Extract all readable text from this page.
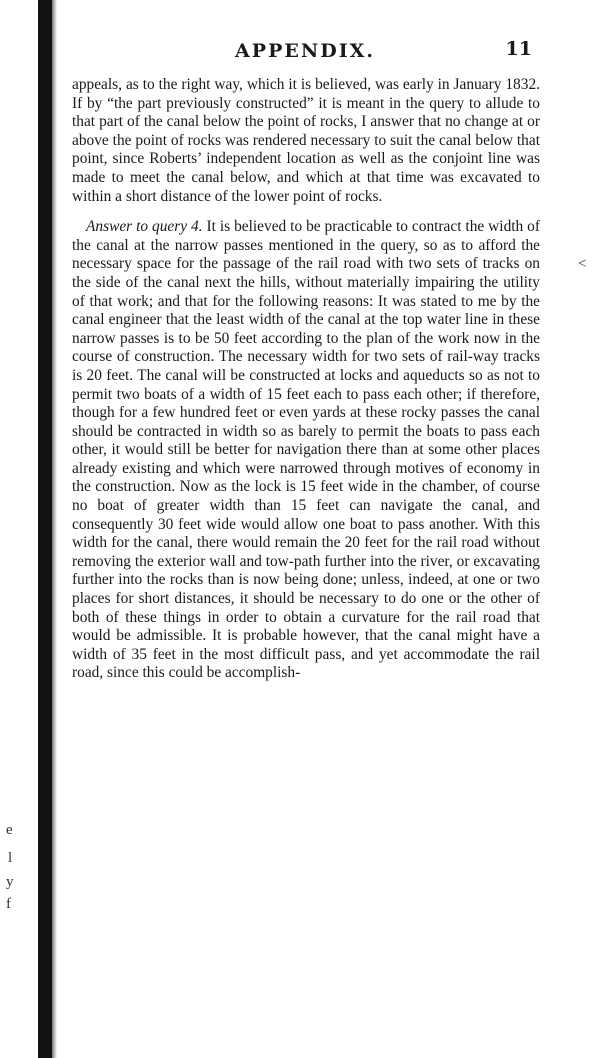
APPENDIX.	11

appeals, as to the right way, which it is believed, was early in January 1832. If by “the part previously constructed” it is meant in the query to allude to that part of the canal below the point of rocks, I answer that no change at or above the point of rocks was rendered necessary to suit the canal below that point, since Roberts’ independent location as well as the conjoint line was made to meet the canal below, and which at that time was excavated to within a short distance of the lower point of rocks.

Answer to query 4. It is believed to be practicable to contract the width of the canal at the narrow passes mentioned in the query, so as to afford the necessary space for the passage of the rail road with two sets of tracks on the side of the canal next the hills, without materially impairing the utility of that work; and that for the following reasons: It was stated to me by the canal engineer that the least width of the canal at the top water line in these narrow passes is to be 50 feet according to the plan of the work now in the course of construction. The necessary width for two sets of rail-way tracks is 20 feet. The canal will be constructed at locks and aqueducts so as not to permit two boats of a width of 15 feet each to pass each other; if therefore, though for a few hundred feet or even yards at these rocky passes the canal should be contracted in width so as barely to permit the boats to pass each other, it would still be better for navigation there than at some other places already existing and which were narrowed through motives of economy in the construction. Now as the lock is 15 feet wide in the chamber, of course no boat of greater width than 15 feet can navigate the canal, and consequently 30 feet wide would allow one boat to pass another. With this width for the canal, there would remain the 20 feet for the rail road without removing the exterior wall and tow-path further into the river, or excavating further into the rocks than is now being done; unless, indeed, at one or two places for short distances, it should be necessary to do one or the other of both of these things in order to obtain a curvature for the rail road that would be admissible. It is probable however, that the canal might have a width of 35 feet in the most difficult pass, and yet accommodate the rail road, since this could be accomplish-

<
e
l
y
f
